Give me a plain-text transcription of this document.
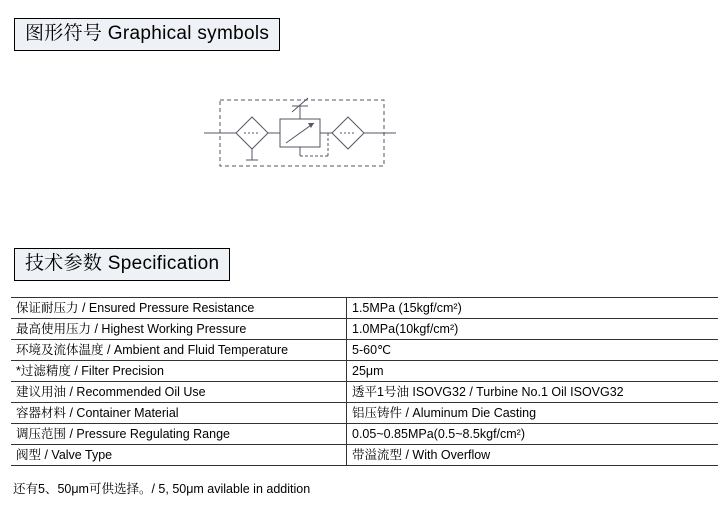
图形符号 Graphical symbols
技术参数 Specification
保证耐压力 / Ensured Pressure Resistance	1.5MPa (15kgf/cm²)
最高使用压力 / Highest Working Pressure	1.0MPa(10kgf/cm²)
环境及流体温度 / Ambient and Fluid Temperature	5-60℃
*过滤精度 / Filter Precision	25μm
建议用油 / Recommended Oil Use	透平1号油 ISOVG32 / Turbine No.1 Oil ISOVG32
容器材料 / Container Material	铝压铸件 / Aluminum Die Casting
调压范围 / Pressure Regulating Range	0.05~0.85MPa(0.5~8.5kgf/cm²)
阀型 / Valve Type	带溢流型 / With Overflow
还有5、50μm可供选择。/ 5, 50μm avilable in addition
